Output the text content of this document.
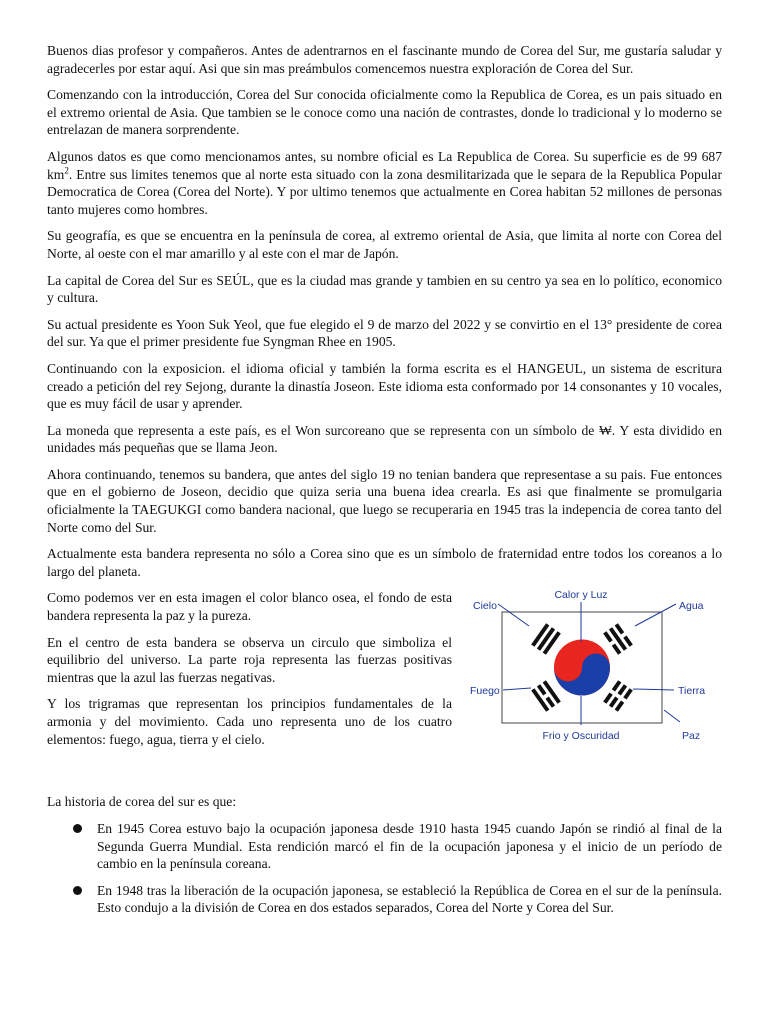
Buenos dias profesor y compañeros. Antes de adentrarnos en el fascinante mundo de Corea del Sur, me gustaría saludar y agradecerles por estar aquí. Asi que sin mas preámbulos comencemos nuestra exploración de Corea del Sur.

Comenzando con la introducción, Corea del Sur conocida oficialmente como la Republica de Corea, es un pais situado en el extremo oriental de Asia. Que tambien se le conoce como una nación de contrastes, donde lo tradicional y lo moderno se entrelazan de manera sorprendente.

Algunos datos es que como mencionamos antes, su nombre oficial es La Republica de Corea. Su superficie es de 99 687 $km^2$. Entre sus limites tenemos que al norte esta situado con la zona desmilitarizada que le separa de la Republica Popular Democratica de Corea (Corea del Norte). Y por ultimo tenemos que actualmente en Corea habitan 52 millones de personas tanto mujeres como hombres.

Su geografía, es que se encuentra en la península de corea, al extremo oriental de Asia, que limita al norte con Corea del Norte, al oeste con el mar amarillo y al este con el mar de Japón.

La capital de Corea del Sur es SEÚL, que es la ciudad mas grande y tambien en su centro ya sea en lo político, economico y cultura.

Su actual presidente es Yoon Suk Yeol, que fue elegido el 9 de marzo del 2022 y se convirtio en el 13° presidente de corea del sur. Ya que el primer presidente fue Syngman Rhee en 1905.

Continuando con la exposicion. el idioma oficial y también la forma escrita es el HANGEUL, un sistema de escritura creado a petición del rey Sejong, durante la dinastía Joseon. Este idioma esta conformado por 14 consonantes y 10 vocales, que es muy fácil de usar y aprender.

La moneda que representa a este país, es el Won surcoreano que se representa con un símbolo de ₩. Y esta dividido en unidades más pequeñas que se llama Jeon.

Ahora continuando, tenemos su bandera, que antes del siglo 19 no tenian bandera que representase a su pais. Fue entonces que en el gobierno de Joseon, decidio que quiza seria una buena idea crearla. Es asi que finalmente se promulgaria oficialmente la TAEGUKGI como bandera nacional, que luego se recuperaria en 1945 tras la indepencia de corea tanto del Norte como del Sur.

Actualmente esta bandera representa no sólo a Corea sino que es un símbolo de fraternidad entre todos los coreanos a lo largo del planeta.

Como podemos ver en esta imagen el color blanco osea, el fondo de esta bandera representa la paz y la pureza.

En el centro de esta bandera se observa un circulo que simboliza el equilibrio del universo. La parte roja representa las fuerzas positivas mientras que la azul las fuerzas negativas.

Y los trigramas que representan los principios fundamentales de la armonia y del movimiento. Cada uno representa uno de los cuatro elementos: fuego, agua, tierra y el cielo.

Calor y Luz
Cielo	Agua
Fuego	Tierra
Frio y Oscuridad	Paz

La historia de corea del sur es que:

En 1945 Corea estuvo bajo la ocupación japonesa desde 1910 hasta 1945 cuando Japón se rindió al final de la Segunda Guerra Mundial. Esta rendición marcó el fin de la ocupación japonesa y el inicio de un período de cambio en la península coreana.
En 1948 tras la liberación de la ocupación japonesa, se estableció la República de Corea en el sur de la península. Esto condujo a la división de Corea en dos estados separados, Corea del Norte y Corea del Sur.
